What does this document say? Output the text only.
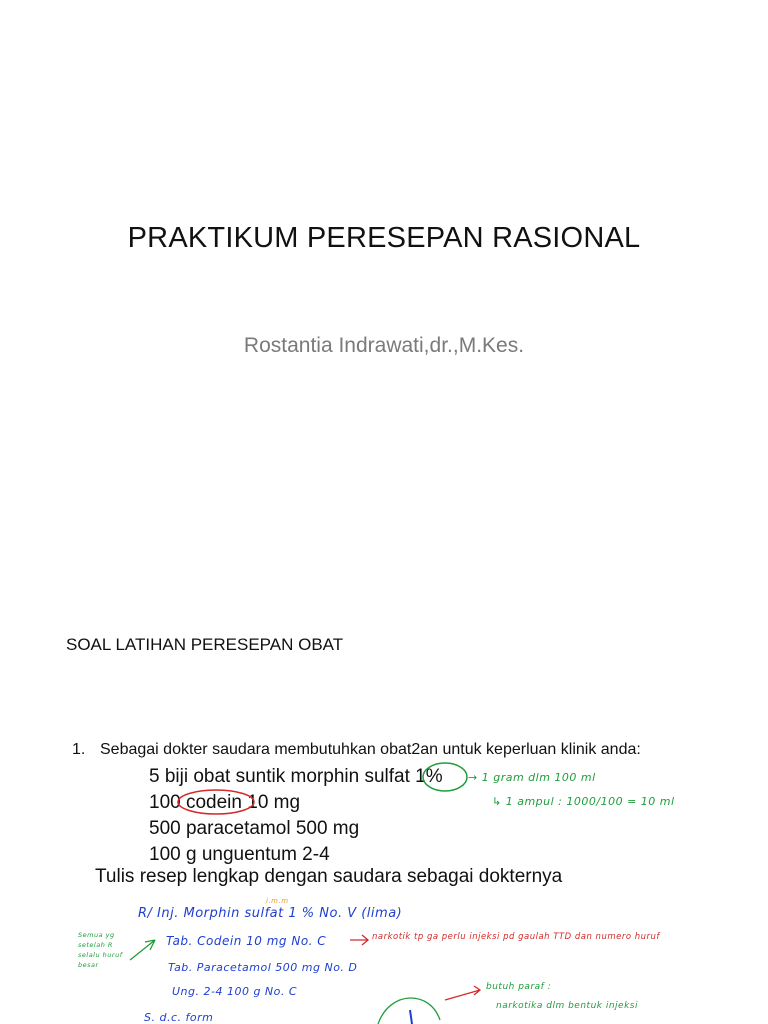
PRAKTIKUM PERESEPAN RASIONAL
Rostantia Indrawati,dr.,M.Kes.
SOAL LATIHAN PERESEPAN OBAT
1. Sebagai dokter saudara membutuhkan obat2an untuk keperluan klinik anda:
5 biji obat suntik morphin sulfat 1%
100 codein 10 mg
500 paracetamol 500 mg
100 g unguentum 2-4
Tulis resep lengkap dengan saudara sebagai dokternya
→ 1 gram dlm 100 ml
↳ 1 ampul : 1000/100 = 10 ml
i.m.m
R/ Inj. Morphin sulfat 1 % No. V (lima)
Tab. Codein 10 mg No. C
Tab. Paracetamol 500 mg No. D
Ung. 2-4 100 g No. C
S. d.c. form
Semua yg
setelah R
selalu huruf
besar
narkotik tp ga perlu injeksi pd gaulah TTD dan numero huruf
butuh paraf :
narkotika dlm bentuk injeksi
